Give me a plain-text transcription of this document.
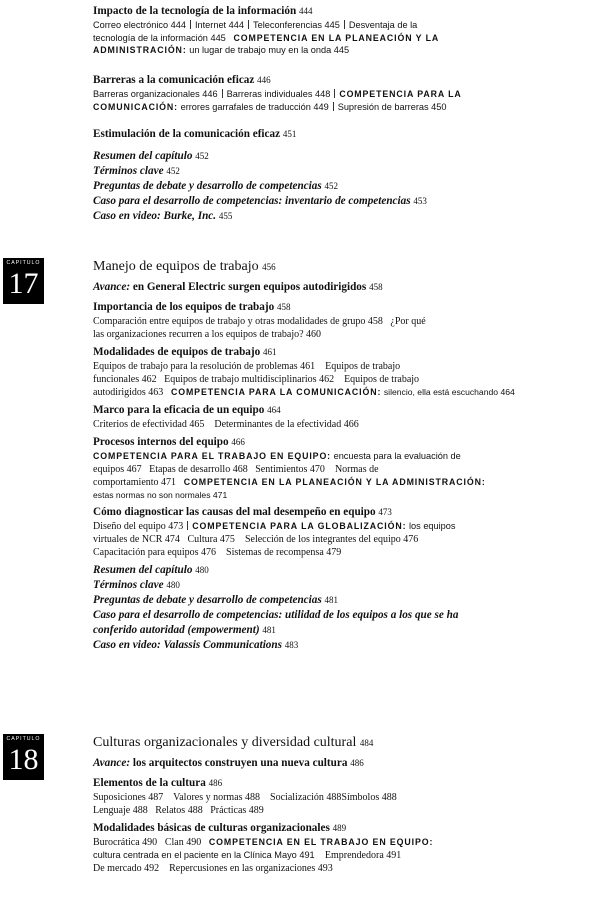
Impacto de la tecnología de la información 444
Correo electrónico 444 Internet 444 Teleconferencias 445 Desventaja de la
tecnología de la información 445 COMPETENCIA EN LA PLANEACIÓN Y LA
ADMINISTRACIÓN: un lugar de trabajo muy en la onda 445
Barreras a la comunicación eficaz 446
Barreras organizacionales 446 Barreras individuales 448 COMPETENCIA PARA LA
COMUNICACIÓN: errores garrafales de traducción 449 Supresión de barreras 450
Estimulación de la comunicación eficaz 451
Resumen del capítulo 452
Términos clave 452
Preguntas de debate y desarrollo de competencias 452
Caso para el desarrollo de competencias: inventario de competencias 453
Caso en video: Burke, Inc. 455
CAPITULO
17
Manejo de equipos de trabajo 456
Avance: en General Electric surgen equipos autodirigidos 458
Importancia de los equipos de trabajo 458
Comparación entre equipos de trabajo y otras modalidades de grupo 458 ¿Por qué
las organizaciones recurren a los equipos de trabajo? 460
Modalidades de equipos de trabajo 461
Equipos de trabajo para la resolución de problemas 461 Equipos de trabajo
funcionales 462 Equipos de trabajo multidisciplinarios 462 Equipos de trabajo
autodirigidos 463 COMPETENCIA PARA LA COMUNICACIÓN: silencio, ella está escuchando 464
Marco para la eficacia de un equipo 464
Criterios de efectividad 465 Determinantes de la efectividad 466
Procesos internos del equipo 466
COMPETENCIA PARA EL TRABAJO EN EQUIPO: encuesta para la evaluación de
equipos 467 Etapas de desarrollo 468 Sentimientos 470 Normas de
comportamiento 471 COMPETENCIA EN LA PLANEACIÓN Y LA ADMINISTRACIÓN:
estas normas no son normales 471
Cómo diagnosticar las causas del mal desempeño en equipo 473
Diseño del equipo 473 COMPETENCIA PARA LA GLOBALIZACIÓN: los equipos
virtuales de NCR 474 Cultura 475 Selección de los integrantes del equipo 476
Capacitación para equipos 476 Sistemas de recompensa 479
Resumen del capítulo 480
Términos clave 480
Preguntas de debate y desarrollo de competencias 481
Caso para el desarrollo de competencias: utilidad de los equipos a los que se ha
conferido autoridad (empowerment) 481
Caso en video: Valassis Communications 483
CAPITULO
18
Culturas organizacionales y diversidad cultural 484
Avance: los arquitectos construyen una nueva cultura 486
Elementos de la cultura 486
Suposiciones 487 Valores y normas 488 Socialización 488Símbolos 488
Lenguaje 488 Relatos 488 Prácticas 489
Modalidades básicas de culturas organizacionales 489
Burocrática 490 Clan 490 COMPETENCIA EN EL TRABAJO EN EQUIPO:
cultura centrada en el paciente en la Clínica Mayo 491 Emprendedora 491
De mercado 492 Repercusiones en las organizaciones 493
